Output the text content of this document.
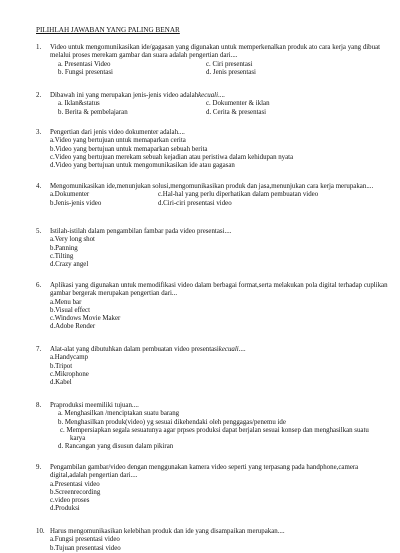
PILIHLAH JAWABAN YANG PALING BENAR
1. Video untuk mengomunikasikan ide/gagasan yang digunakan untuk memperkenalkan produk ato cara kerja yang dibuat melalui proses merekam gambar dan suara adalah pengertian dari....
a. Presentasi Video	c. Ciri presentasi
b. Fungsi presentasi	d. Jenis presentasi
2. Dibawah ini yang merupakan jenis-jenis video adalahkecuali....
a. Iklan&status	c. Dokumenter & iklan
b. Berita & pembelajaran	d. Cerita & presentasi
3. Pengertian dari jenis video dokumenter adalah....
a.Video yang bertujuan untuk memaparkan cerita
b.Video yang bertujuan untuk memaparkan sebuah berita
c.Video yang bertujuan merekam sebuah kejadian atau peristiwa dalam kehidupan nyata
d.Video yang bertujuan untuk mengomunikasikan ide atau gagasan
4. Mengomunikasikan ide,menunjukan solusi,mengomunikasikan produk dan jasa,menunjukan cara kerja merupakan....
a.Dokumenter	c.Hal-hal yang perlu diperhatikan dalam pembuatan video
b.Jenis-jenis video	d.Ciri-ciri presentasi video
5. Istilah-istilah dalam pengambilan fambar pada video presentasi....
a.Very long shot
b.Panning
c.Tilting
d.Crazy angel
6. Aplikasi yang digunakan untuk memodifikasi video dalam berbagai format,serta melakukan pola digital terhadap cuplikan gambar bergerak merupakan pengertian dari...
a.Menu bar
b.Visual effect
c.Windows Movie Maker
d.Adobe Render
7. Alat-alat yang dibutuhkan dalam pembuatan video presentasikecuali....
a.Handycamp
b.Tripot
c.Mikrophone
d.Kabel
8. Praproduksi meemiliki tujuan....
a. Menghasilkan /menciptakan suatu barang
b. Menghasilkan produk(video) yg sesuai dikehendaki oleh penggagas/penemu ide
c. Mempersiapkan segala sesuatunya agar prpses produksi dapat berjalan sesuai konsep dan menghasilkan suatu karya
d. Rancangan yang disusun dalam pikiran
9. Pengambilan gambar/video dengan menggunakan kamera video seperti yang terpasang pada handphone,camera digital,adalah pengertian dari....
a.Presentasi video
b.Screenrecording
c.video proses
d.Produksi
10. Harus mengomunikasikan kelebihan produk dan ide yang disampaikan merupakan....
a.Fungsi presentasi video
b.Tujuan presentasi video
